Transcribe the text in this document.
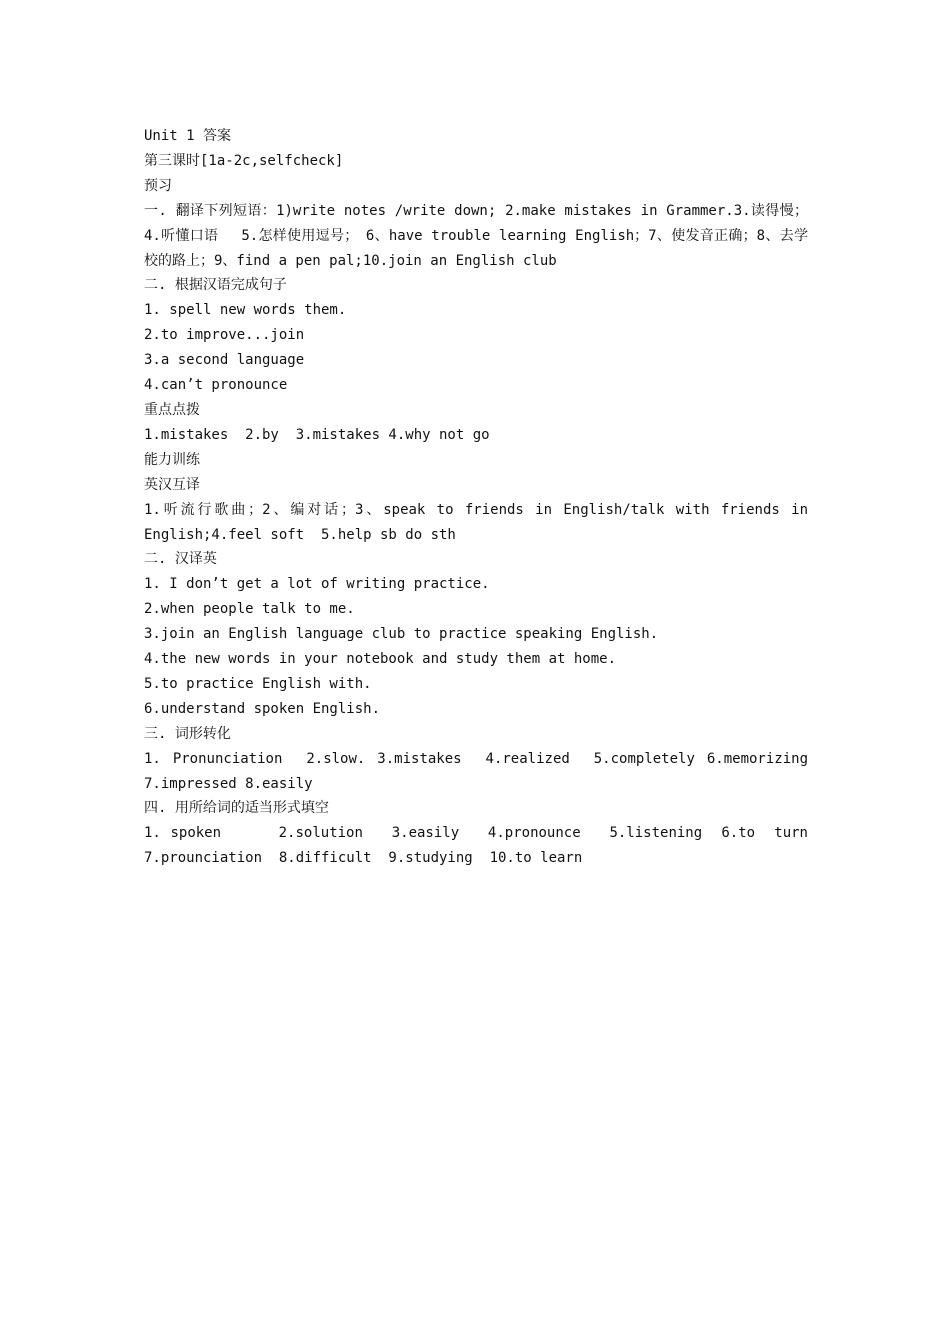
Unit 1 答案

第三课时[1a-2c,selfcheck]

预习

一. 翻译下列短语：1)write notes /write down; 2.make mistakes in Grammer.3.读得慢；4.听懂口语　 5.怎样使用逗号；　6、have trouble learning English；7、使发音正确；8、去学校的路上；9、find a pen pal;10.join an English club

二. 根据汉语完成句子

1. spell new words them.

2.to improve...join

3.a second language

4.can’t pronounce

重点点拨

1.mistakes  2.by  3.mistakes 4.why not go

能力训练

英汉互译

1.听流行歌曲；2、编对话；3、speak to friends in English/talk with friends in English;4.feel soft  5.help sb do sth

二. 汉译英

1. I don’t get a lot of writing practice.

2.when people talk to me.

3.join an English language club to practice speaking English.

4.the new words in your notebook and study them at home.

5.to practice English with.

6.understand spoken English.

三. 词形转化

1. Pronunciation  2.slow. 3.mistakes  4.realized  5.completely 6.memorizing 7.impressed 8.easily

四. 用所给词的适当形式填空

1. spoken      2.solution   3.easily   4.pronounce   5.listening  6.to  turn 7.prounciation  8.difficult  9.studying  10.to learn
